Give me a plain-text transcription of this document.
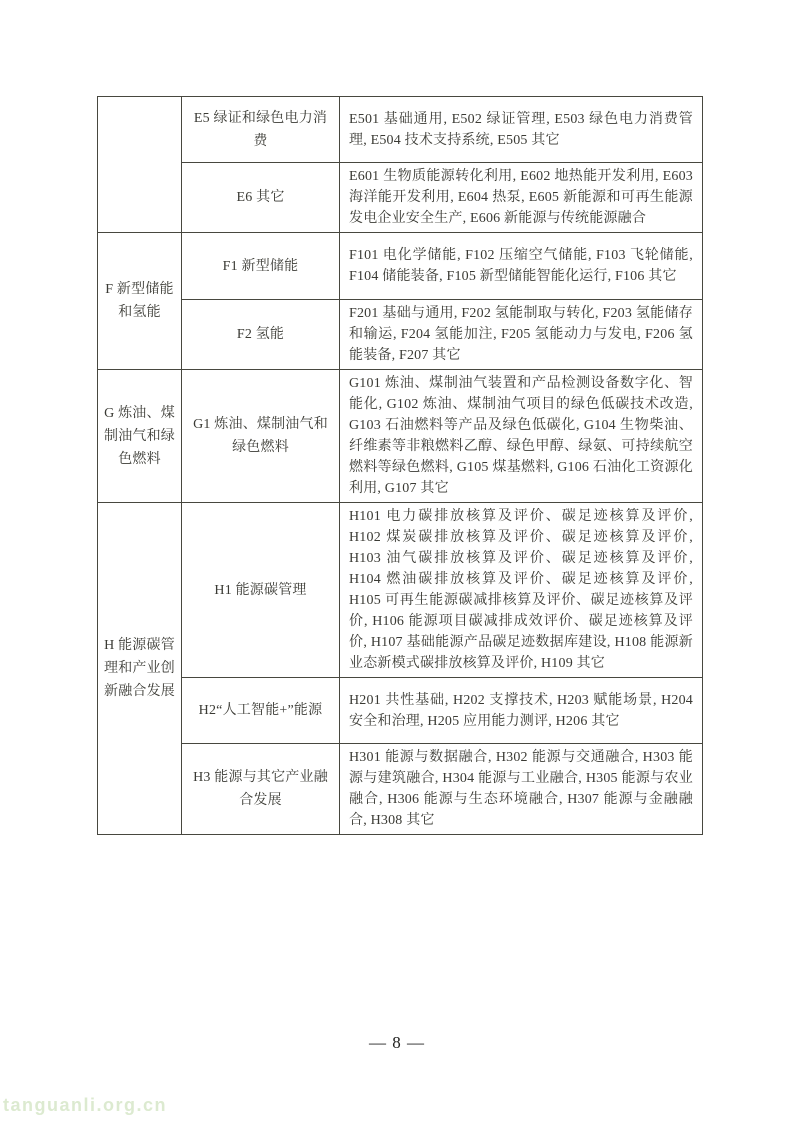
	E5 绿证和绿色电力消费	E501 基础通用, E502 绿证管理, E503 绿色电力消费管理, E504 技术支持系统, E505 其它
	E6 其它	E601 生物质能源转化利用, E602 地热能开发利用, E603 海洋能开发利用, E604 热泵, E605 新能源和可再生能源发电企业安全生产, E606 新能源与传统能源融合
F 新型储能和氢能	F1 新型储能	F101 电化学储能, F102 压缩空气储能, F103 飞轮储能, F104 储能装备, F105 新型储能智能化运行, F106 其它
	F2 氢能	F201 基础与通用, F202 氢能制取与转化, F203 氢能储存和输运, F204 氢能加注, F205 氢能动力与发电, F206 氢能装备, F207 其它
G 炼油、煤制油气和绿色燃料	G1 炼油、煤制油气和绿色燃料	G101 炼油、煤制油气装置和产品检测设备数字化、智能化, G102 炼油、煤制油气项目的绿色低碳技术改造, G103 石油燃料等产品及绿色低碳化, G104 生物柴油、纤维素等非粮燃料乙醇、绿色甲醇、绿氨、可持续航空燃料等绿色燃料, G105 煤基燃料, G106 石油化工资源化利用, G107 其它
H 能源碳管理和产业创新融合发展	H1 能源碳管理	H101 电力碳排放核算及评价、碳足迹核算及评价, H102 煤炭碳排放核算及评价、碳足迹核算及评价, H103 油气碳排放核算及评价、碳足迹核算及评价, H104 燃油碳排放核算及评价、碳足迹核算及评价, H105 可再生能源碳减排核算及评价、碳足迹核算及评价, H106 能源项目碳减排成效评价、碳足迹核算及评价, H107 基础能源产品碳足迹数据库建设, H108 能源新业态新模式碳排放核算及评价, H109 其它
	H2“人工智能+”能源	H201 共性基础, H202 支撑技术, H203 赋能场景, H204 安全和治理, H205 应用能力测评, H206 其它
	H3 能源与其它产业融合发展	H301 能源与数据融合, H302 能源与交通融合, H303 能源与建筑融合, H304 能源与工业融合, H305 能源与农业融合, H306 能源与生态环境融合, H307 能源与金融融合, H308 其它
— 8 —
tanguanli.org.cn
